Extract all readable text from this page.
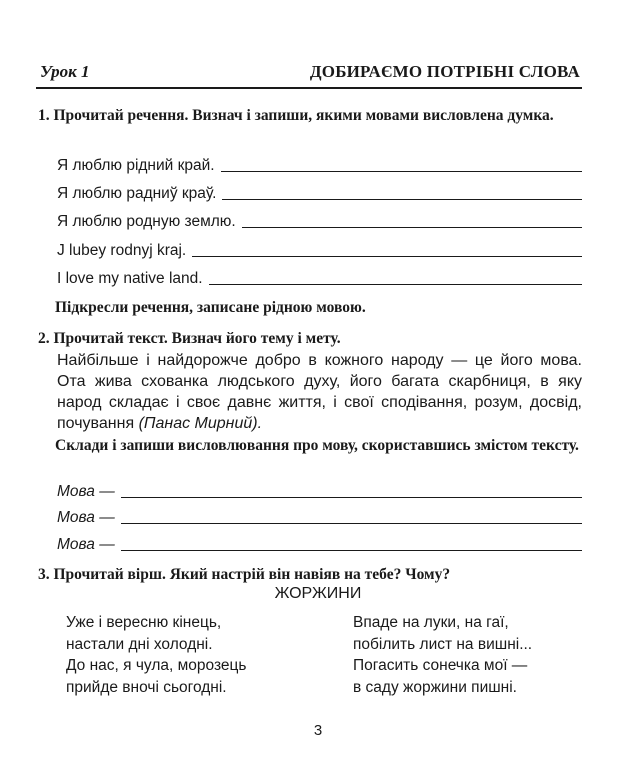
Урок 1	ДОБИРАЄМО ПОТРІБНІ СЛОВА
1. Прочитай речення. Визнач і запиши, якими мовами висловлена думка.
Я люблю рідний край.
Я люблю радниў краў.
Я люблю родную землю.
J lubey rodnyj kraj.
I love my native land.
Підкресли речення, записане рідною мовою.
2. Прочитай текст. Визнач його тему і мету.
Найбільше і найдорожче добро в кожного народу — це його мова. Ота жива схованка людського духу, його багата скарбниця, в яку народ складає і своє давнє життя, і свої сподівання, розум, досвід, почування (Панас Мирний).
Склади і запиши висловлювання про мову, скориставшись змістом тексту.
Мова —
Мова —
Мова —
3. Прочитай вірш. Який настрій він навіяв на тебе? Чому?
ЖОРЖИНИ
Уже і вересню кінець,
настали дні холодні.
До нас, я чула, морозець
прийде вночі сьогодні.
Впаде на луки, на гаї,
побілить лист на вишні...
Погасить сонечка мої —
в саду жоржини пишні.
3
